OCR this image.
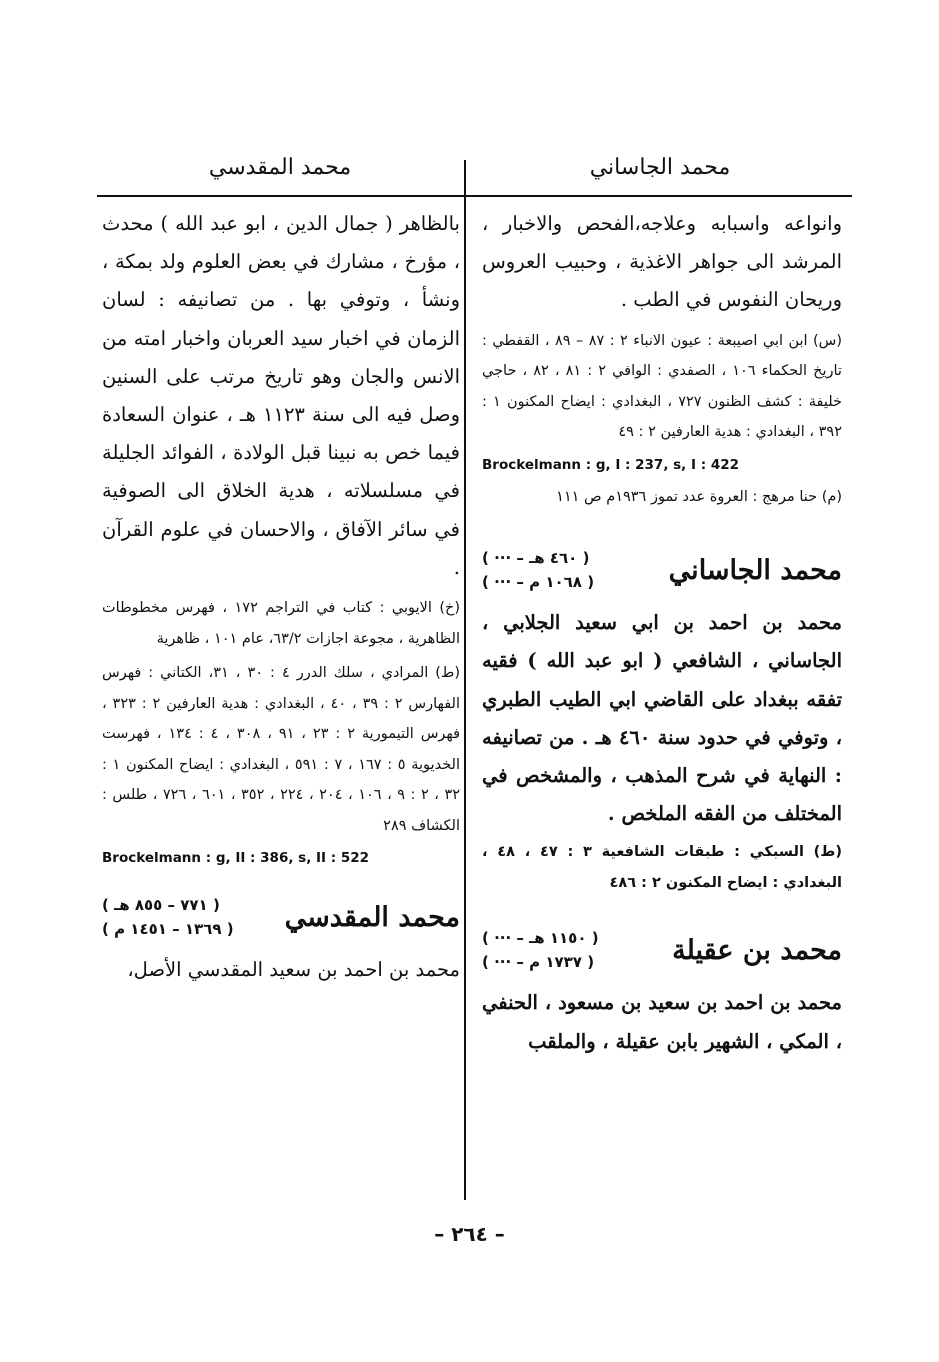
محمد الجاساني
محمد المقدسي

وانواعه واسبابه وعلاجه،الفحص والاخبار ، المرشد الى جواهر الاغذية ، وحبيب العروس وريحان النفوس في الطب .

(س) ابن ابي اصيبعة : عيون الانباء ٢ : ٨٧ – ٨٩ ، القفطي : تاريخ الحكماء ١٠٦ ، الصفدي : الوافي ٢ : ٨١ ، ٨٢ ، حاجي خليفة : كشف الظنون ٧٢٧ ، البغدادي : ايضاح المكنون ١ : ٣٩٢ ، البغدادي : هدية العارفين ٢ : ٤٩

Brockelmann : g, I : 237, s, I : 422

(م) حنا مرهج : العروة عدد تموز ١٩٣٦م ص ١١١

محمد الجاساني
( ··· – ٤٦٠ هـ )
( ··· – ١٠٦٨ م )

محمد بن احمد بن ابي سعيد الجلابي ، الجاساني ، الشافعي ( ابو عبد الله ) فقيه تفقه ببغداد على القاضي ابي الطيب الطبري ، وتوفي في حدود سنة ٤٦٠ هـ . من تصانيفه : النهاية في شرح المذهب ، والمشخص في المختلف من الفقه الملخص .

(ط) السبكي : طبقات الشافعية ٣ : ٤٧ ، ٤٨ ، البغدادي : ايضاح المكنون ٢ : ٤٨٦

محمد بن عقيلة
( ··· – ١١٥٠ هـ )
( ··· – ١٧٣٧ م )

محمد بن احمد بن سعيد بن مسعود ، الحنفي ، المكي ، الشهير بابن عقيلة ، والملقب

بالظاهر ( جمال الدين ، ابو عبد الله ) محدث ، مؤرخ ، مشارك في بعض العلوم ولد بمكة ، ونشأ ، وتوفي بها . من تصانيفه : لسان الزمان في اخبار سيد العربان واخبار امته من الانس والجان وهو تاريخ مرتب على السنين وصل فيه الى سنة ١١٢٣ هـ ، عنوان السعادة فيما خص به نبينا قبل الولادة ، الفوائد الجليلة في مسلسلاته ، هدية الخلاق الى الصوفية في سائر الآفاق ، والاحسان في علوم القرآن .

(خ) الايوبي : كتاب في التراجم ١٧٢ ، فهرس مخطوطات الظاهرية ، مجوعة اجازات ٦٣/٢، عام ١٠١ ، ظاهرية

(ط) المرادي ، سلك الدرر ٤ : ٣٠ ، ٣١، الكتاني : فهرس الفهارس ٢ : ٣٩ ، ٤٠ ، البغدادي : هدية العارفين ٢ : ٣٢٣ ، فهرس التيمورية ٢ : ٢٣ ، ٩١ ، ٣٠٨ ، ٤ : ١٣٤ ، فهرست الخديوية ٥ : ١٦٧ ، ٧ : ٥٩١ ، البغدادي : ايضاح المكنون ١ : ٣٢ ، ٢ : ٩ ، ١٠٦ ، ٢٠٤ ، ٢٢٤ ، ٣٥٢ ، ٦٠١ ، ٧٢٦ ، طلس : الكشاف ٢٨٩

Brockelmann : g, II : 386, s, II : 522

محمد المقدسي
( ٧٧١ – ٨٥٥ هـ )
( ١٣٦٩ – ١٤٥١ م )

محمد بن احمد بن سعيد المقدسي الأصل،

– ٢٦٤ –
